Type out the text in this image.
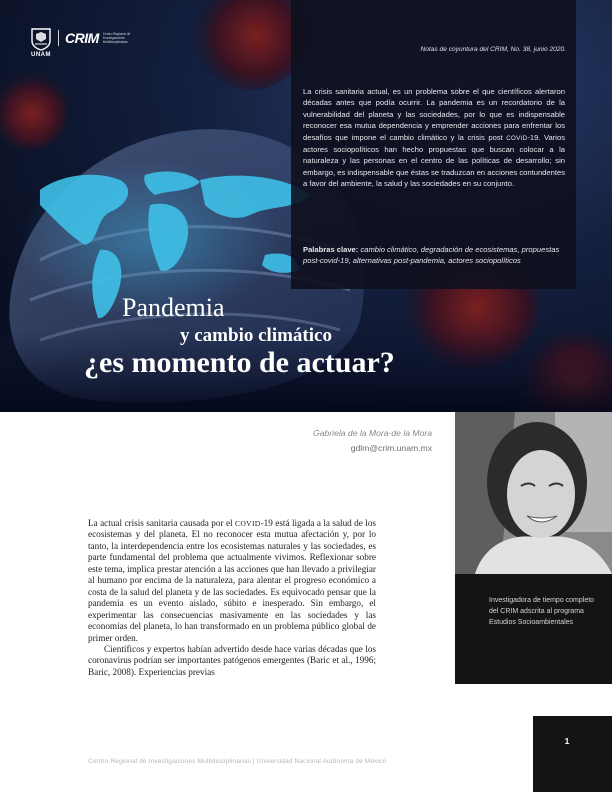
UNAM
CRIM Centro Regional de Investigaciones Multidisciplinarias
Notas de coyuntura del CRIM, No. 38, junio 2020.

La crisis sanitaria actual, es un problema sobre el que científicos alertaron décadas antes que podía ocurrir. La pandemia es un recordatorio de la vulnerabilidad del planeta y las sociedades, por lo que es indispensable reconocer esa mutua dependencia y emprender acciones para enfrentar los desafíos que impone el cambio climático y la crisis post COVID-19. Varios actores sociopolíticos han hecho propuestas que buscan colocar a la naturaleza y las personas en el centro de las políticas de desarrollo; sin embargo, es indispensable que éstas se traduzcan en acciones contundentes a favor del ambiente, la salud y las sociedades en su conjunto.

Palabras clave: cambio climático, degradación de ecosistemas, propuestas post-covid-19, alternativas post-pandemia, actores sociopolíticos

Pandemia
y cambio climático
¿es momento de actuar?
Gabriela de la Mora-de la Mora
gdlm@crim.unam.mx

Investigadora de tiempo completo del CRIM adscrita al programa Estudios Socioambientales

La actual crisis sanitaria causada por el COVID-19 está ligada a la salud de los ecosistemas y del planeta. El no reconocer esta mutua afectación y, por lo tanto, la interdependencia entre los ecosistemas naturales y las sociedades, es parte fundamental del problema que actualmente vivimos. Reflexionar sobre este tema, implica prestar atención a las acciones que han llevado a privilegiar al humano por encima de la naturaleza, para alentar el progreso económico a costa de la salud del planeta y de las sociedades. Es equivocado pensar que la pandemia es un evento aislado, súbito e inesperado. Sin embargo, el experimentar las consecuencias masivamente en las sociedades y las economías del planeta, lo han transformado en un problema público global de primer orden.

Científicos y expertos habían advertido desde hace varias décadas que los coronavirus podrían ser importantes patógenos emergentes (Baric et al., 1996; Baric, 2008). Experiencias previas

Centro Regional de Investigaciones Multidisciplinarias | Universidad Nacional Autónoma de México
1
